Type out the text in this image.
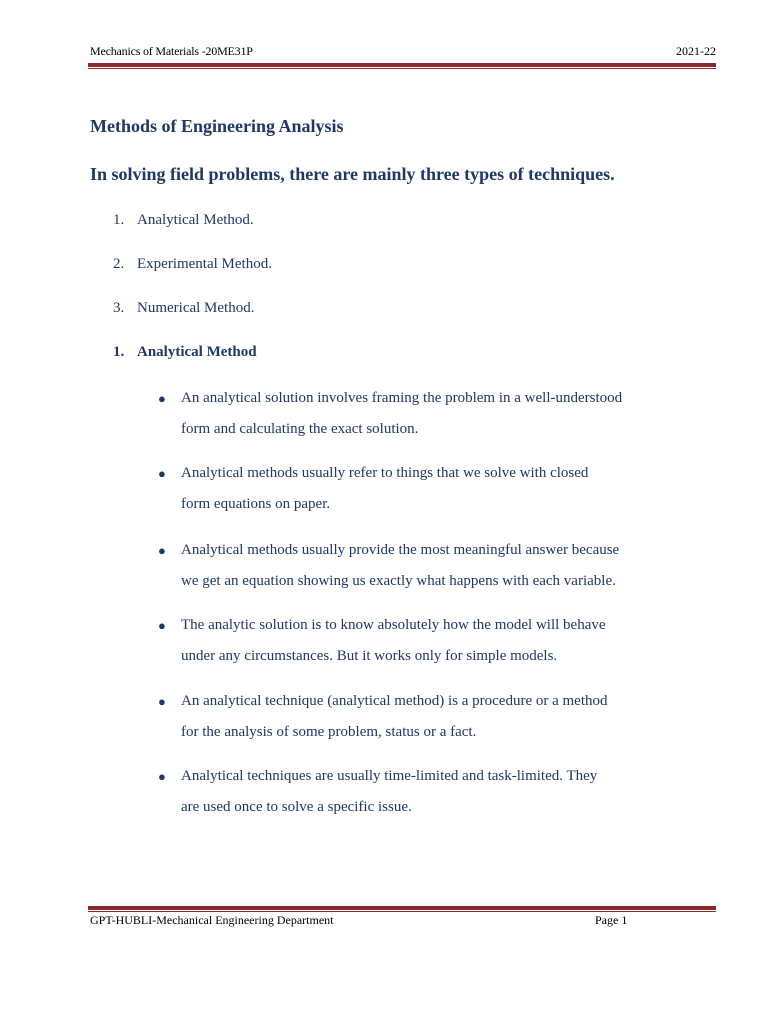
Mechanics of Materials -20ME31P	2021-22
Methods of Engineering Analysis
In solving field problems, there are mainly three types of techniques.
1. Analytical Method.
2. Experimental Method.
3. Numerical Method.
1. Analytical Method
● An analytical solution involves framing the problem in a well-understood
form and calculating the exact solution.
● Analytical methods usually refer to things that we solve with closed
form equations on paper.
● Analytical methods usually provide the most meaningful answer because
we get an equation showing us exactly what happens with each variable.
● The analytic solution is to know absolutely how the model will behave
under any circumstances. But it works only for simple models.
● An analytical technique (analytical method) is a procedure or a method
for the analysis of some problem, status or a fact.
● Analytical techniques are usually time-limited and task-limited. They
are used once to solve a specific issue.
GPT-HUBLI-Mechanical Engineering Department	Page 1
